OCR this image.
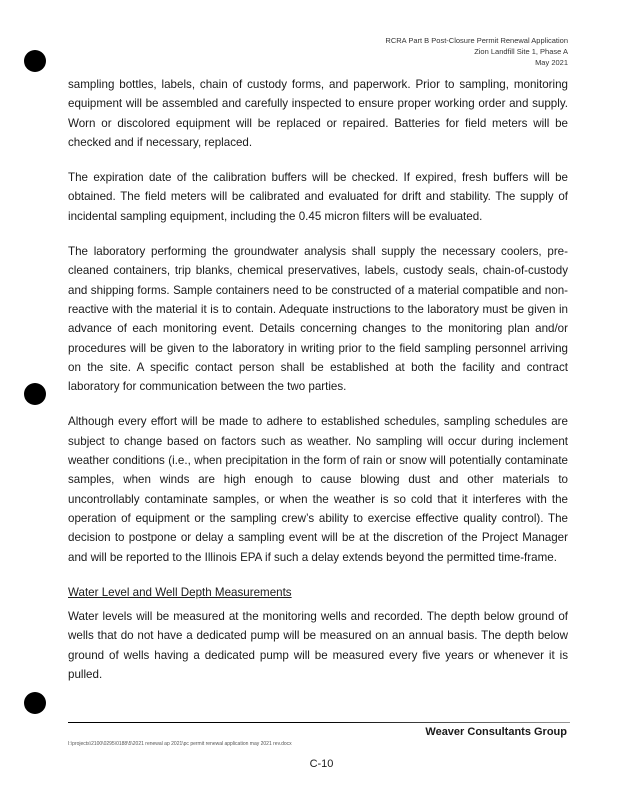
RCRA Part B Post-Closure Permit Renewal Application
Zion Landfill Site 1, Phase A
May 2021

sampling bottles, labels, chain of custody forms, and paperwork. Prior to sampling, monitoring equipment will be assembled and carefully inspected to ensure proper working order and supply. Worn or discolored equipment will be replaced or repaired. Batteries for field meters will be checked and if necessary, replaced.

The expiration date of the calibration buffers will be checked. If expired, fresh buffers will be obtained. The field meters will be calibrated and evaluated for drift and stability. The supply of incidental sampling equipment, including the 0.45 micron filters will be evaluated.

The laboratory performing the groundwater analysis shall supply the necessary coolers, pre-cleaned containers, trip blanks, chemical preservatives, labels, custody seals, chain-of-custody and shipping forms. Sample containers need to be constructed of a material compatible and non-reactive with the material it is to contain. Adequate instructions to the laboratory must be given in advance of each monitoring event. Details concerning changes to the monitoring plan and/or procedures will be given to the laboratory in writing prior to the field sampling personnel arriving on the site. A specific contact person shall be established at both the facility and contract laboratory for communication between the two parties.

Although every effort will be made to adhere to established schedules, sampling schedules are subject to change based on factors such as weather. No sampling will occur during inclement weather conditions (i.e., when precipitation in the form of rain or snow will potentially contaminate samples, when winds are high enough to cause blowing dust and other materials to uncontrollably contaminate samples, or when the weather is so cold that it interferes with the operation of equipment or the sampling crew’s ability to exercise effective quality control). The decision to postpone or delay a sampling event will be at the discretion of the Project Manager and will be reported to the Illinois EPA if such a delay extends beyond the permitted time-frame.

Water Level and Well Depth Measurements

Water levels will be measured at the monitoring wells and recorded. The depth below ground of wells that do not have a dedicated pump will be measured on an annual basis. The depth below ground of wells having a dedicated pump will be measured every five years or whenever it is pulled.

Weaver Consultants Group
I:\projects\2100\0295\0188\5\2021 renewal ap 2021\pc permit renewal application may 2021 rev.docx
C-10
